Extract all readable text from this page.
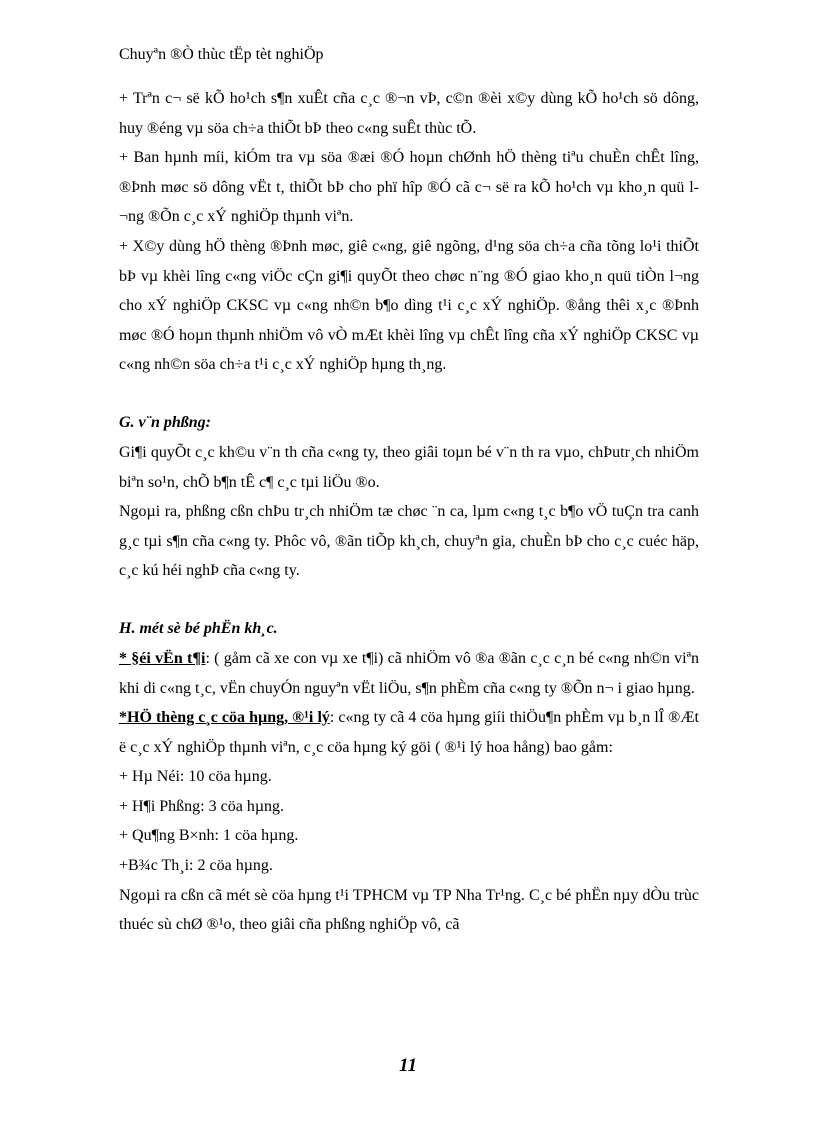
Chuyªn ®Ò thùc tËp tèt nghiÖp

+ Trªn c¬ së kÕ ho¹ch s¶n xuÊt cña c¸c ®¬n vÞ, c©n ®èi x©y dùng kÕ ho¹ch sö dông, huy ®éng vµ söa ch÷a thiÕt bÞ theo c«ng suÊt thùc tÕ.

+ Ban hµnh míi, kiÓm tra vµ söa ®æi ®Ó hoµn chØnh hÖ thèng tiªu chuÈn chÊt lîng, ®Þnh møc sö dông vËt t, thiÕt bÞ cho phï hîp ®Ó cã c¬ së ra kÕ ho¹ch vµ kho¸n quü l¬ng ®Õn c¸c xÝ nghiÖp thµnh viªn.

+ X©y dùng hÖ thèng ®Þnh møc, giê c«ng, giê ngõng, d¹ng söa ch÷a cña tõng lo¹i thiÕt bÞ vµ khèi lîng c«ng viÖc cÇn gi¶i quyÕt theo chøc n¨ng ®Ó giao kho¸n quü tiÒn l¬ng cho xÝ nghiÖp CKSC vµ c«ng nh©n b¶o dìng t¹i c¸c xÝ nghiÖp. ®ång thêi x¸c ®Þnh møc ®Ó hoµn thµnh nhiÖm vô vÒ mÆt khèi lîng vµ chÊt lîng cña xÝ nghiÖp CKSC vµ c«ng nh©n söa ch÷a t¹i c¸c xÝ nghiÖp hµng th¸ng.

G. v¨n phßng:

Gi¶i quyÕt c¸c kh©u v¨n th cña c«ng ty, theo giâi toµn bé v¨n th ra vµo, chÞutr¸ch nhiÖm biªn so¹n, chÕ b¶n tÊ c¶ c¸c tµi liÖu ®o.

Ngoµi ra, phßng cßn chÞu tr¸ch nhiÖm tæ chøc ¨n ca, lµm c«ng t¸c b¶o vÖ tuÇn tra canh g¸c tµi s¶n cña c«ng ty. Phôc vô, ®ãn tiÕp kh¸ch, chuyªn gia, chuÈn bÞ cho c¸c cuéc häp, c¸c kú héi nghÞ cña c«ng ty.

H. mét sè bé phËn kh¸c.

* §éi vËn t¶i: ( gåm cã xe con vµ xe t¶i) cã nhiÖm vô ®a ®ãn c¸c c¸n bé c«ng nh©n viªn khi di c«ng t¸c, vËn chuyÓn nguyªn vËt liÖu, s¶n phÈm cña c«ng ty ®Õn n¬ i giao hµng.

*HÖ thèng c¸c cöa hµng, ®¹i lý: c«ng ty cã 4 cöa hµng giíi thiÖu¶n phÈm vµ b¸n lÎ ®Æt ë c¸c xÝ nghiÖp thµnh viªn, c¸c cöa hµng ký göi ( ®¹i lý hoa hång) bao gåm:

+ Hµ Néi: 10 cöa hµng.

+ H¶i Phßng: 3 cöa hµng.

+ Qu¶ng B×nh: 1 cöa hµng.

+B¾c Th¸i: 2 cöa hµng.

Ngoµi ra cßn cã mét sè cöa hµng t¹i TPHCM vµ TP Nha Tr¹ng. C¸c bé phËn nµy dÒu trùc thuéc sù chØ ®¹o, theo giâi cña phßng nghiÖp vô, cã

11
